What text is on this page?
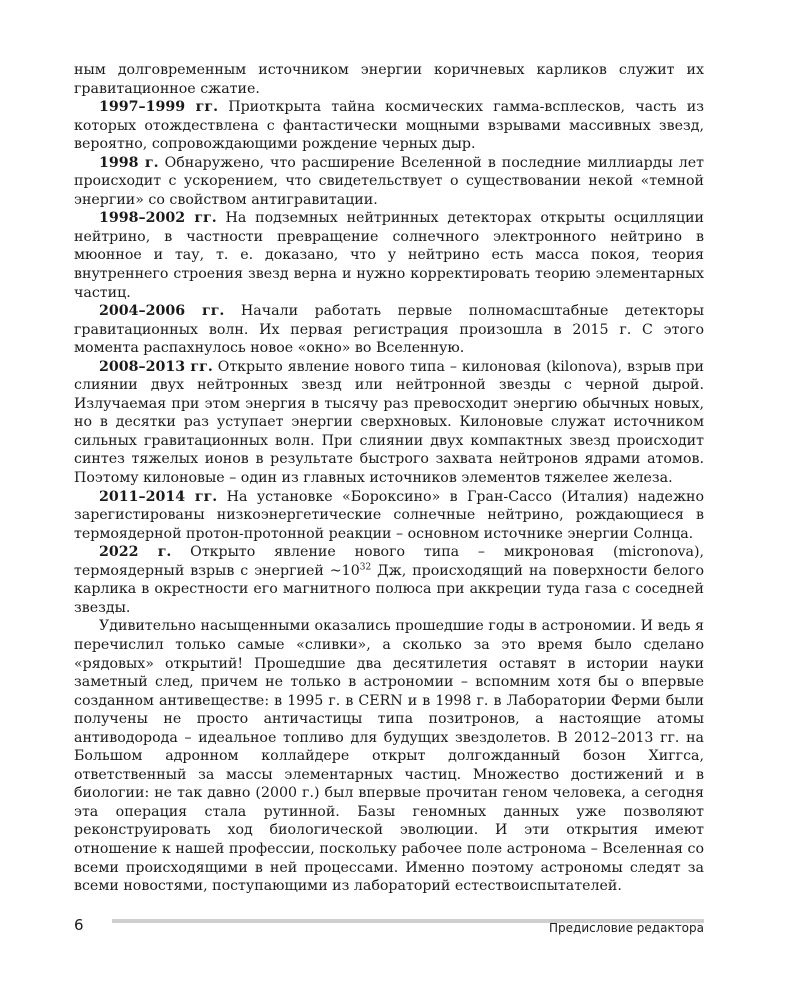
ным долговременным источником энергии коричневых карликов служит их гравитационное сжатие.

1997–1999 гг. Приоткрыта тайна космических гамма-всплесков, часть из которых отождествлена с фантастически мощными взрывами массивных звезд, вероятно, сопровождающими рождение черных дыр.

1998 г. Обнаружено, что расширение Вселенной в последние миллиарды лет происходит с ускорением, что свидетельствует о существовании некой «темной энергии» со свойством антигравитации.

1998–2002 гг. На подземных нейтринных детекторах открыты осцилляции нейтрино, в частности превращение солнечного электронного нейтрино в мюонное и тау, т. е. доказано, что у нейтрино есть масса покоя, теория внутреннего строения звезд верна и нужно корректировать теорию элементарных частиц.

2004–2006 гг. Начали работать первые полномасштабные детекторы гравитационных волн. Их первая регистрация произошла в 2015 г. С этого момента распахнулось новое «окно» во Вселенную.

2008–2013 гг. Открыто явление нового типа – килоновая (kilonova), взрыв при слиянии двух нейтронных звезд или нейтронной звезды с черной дырой. Излучаемая при этом энергия в тысячу раз превосходит энергию обычных новых, но в десятки раз уступает энергии сверхновых. Килоновые служат источником сильных гравитационных волн. При слиянии двух компактных звезд происходит синтез тяжелых ионов в результате быстрого захвата нейтронов ядрами атомов. Поэтому килоновые – один из главных источников элементов тяжелее железа.

2011–2014 гг. На установке «Бороксино» в Гран-Сассо (Италия) надежно зарегистированы низкоэнергетические солнечные нейтрино, рождающиеся в термоядерной протон-протонной реакции – основном источнике энергии Солнца.

2022 г. Открыто явление нового типа – микроновая (micronova), термоядерный взрыв с энергией $\sim 10^{32}$ Дж, происходящий на поверхности белого карлика в окрестности его магнитного полюса при аккреции туда газа с соседней звезды.

Удивительно насыщенными оказались прошедшие годы в астрономии. И ведь я перечислил только самые «сливки», а сколько за это время было сделано «рядовых» открытий! Прошедшие два десятилетия оставят в истории науки заметный след, причем не только в астрономии – вспомним хотя бы о впервые созданном антивеществе: в 1995 г. в CERN и в 1998 г. в Лаборатории Ферми были получены не просто античастицы типа позитронов, а настоящие атомы антиводорода – идеальное топливо для будущих звездолетов. В 2012–2013 гг. на Большом адронном коллайдере открыт долгожданный бозон Хиггса, ответственный за массы элементарных частиц. Множество достижений и в биологии: не так давно (2000 г.) был впервые прочитан геном человека, а сегодня эта операция стала рутинной. Базы геномных данных уже позволяют реконструировать ход биологической эволюции. И эти открытия имеют отношение к нашей профессии, поскольку рабочее поле астронома – Вселенная со всеми происходящими в ней процессами. Именно поэтому астрономы следят за всеми новостями, поступающими из лабораторий естествоиспытателей.

6	Предисловие редактора
